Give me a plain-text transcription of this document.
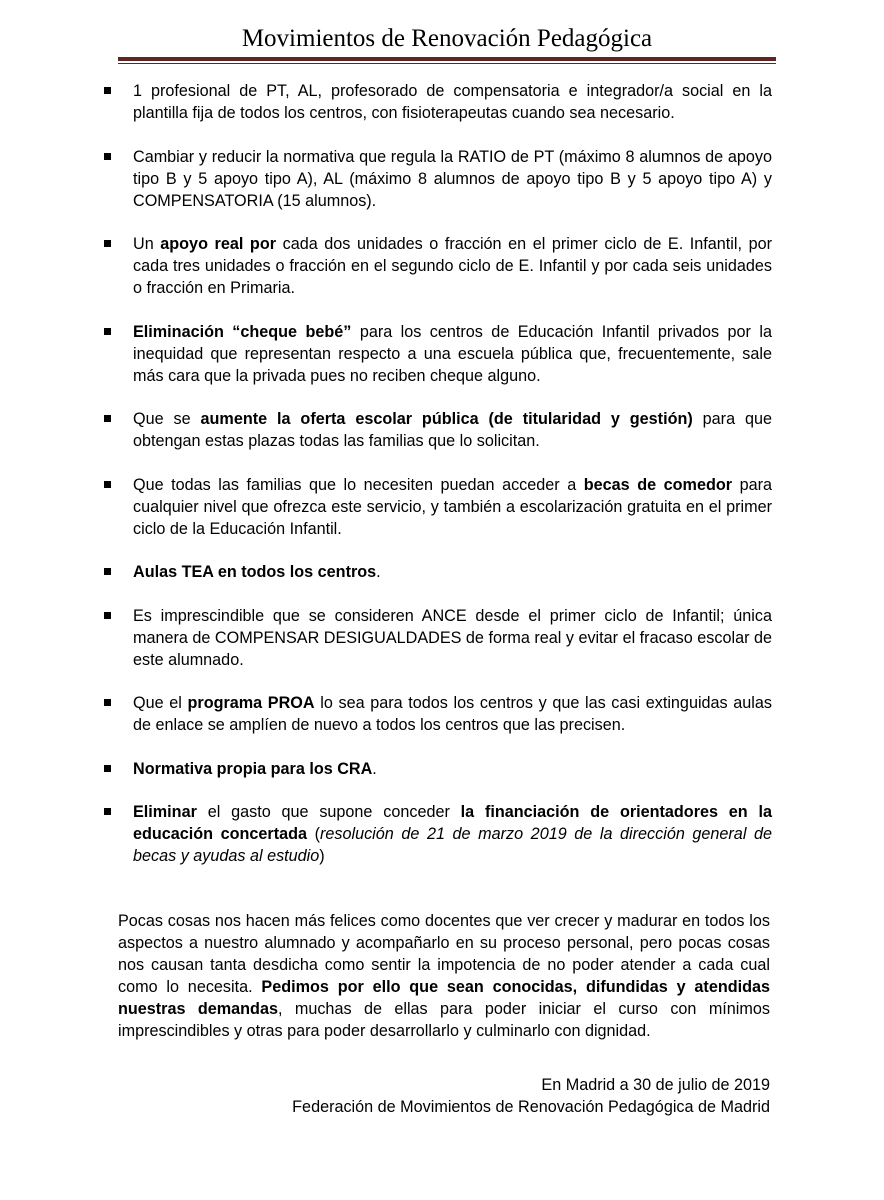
Movimientos de Renovación Pedagógica
1 profesional de PT, AL, profesorado de compensatoria e integrador/a social en la plantilla fija de todos los centros, con fisioterapeutas cuando sea necesario.
Cambiar y reducir la normativa que regula la RATIO de PT (máximo 8 alumnos de apoyo tipo B y 5 apoyo tipo A), AL (máximo 8 alumnos de apoyo tipo B y 5 apoyo tipo A) y COMPENSATORIA (15 alumnos).
Un apoyo real por cada dos unidades o fracción en el primer ciclo de E. Infantil, por cada tres unidades o fracción en el segundo ciclo de E. Infantil y por cada seis unidades o fracción en Primaria.
Eliminación “cheque bebé” para los centros de Educación Infantil privados por la inequidad que representan respecto a una escuela pública que, frecuentemente, sale más cara que la privada pues no reciben cheque alguno.
Que se aumente la oferta escolar pública (de titularidad y gestión) para que obtengan estas plazas todas las familias que lo solicitan.
Que todas las familias que lo necesiten puedan acceder a becas de comedor para cualquier nivel que ofrezca este servicio, y también a escolarización gratuita en el primer ciclo de la Educación Infantil.
Aulas TEA en todos los centros.
Es imprescindible que se consideren ANCE desde el primer ciclo de Infantil; única manera de COMPENSAR DESIGUALDADES de forma real y evitar el fracaso escolar de este alumnado.
Que el programa PROA lo sea para todos los centros y que las casi extinguidas aulas de enlace se amplíen de nuevo a todos los centros que las precisen.
Normativa propia para los CRA.
Eliminar el gasto que supone conceder la financiación de orientadores en la educación concertada (resolución de 21 de marzo 2019 de la dirección general de becas y ayudas al estudio)

Pocas cosas nos hacen más felices como docentes que ver crecer y madurar en todos los aspectos a nuestro alumnado y acompañarlo en su proceso personal, pero pocas cosas nos causan tanta desdicha como sentir la impotencia de no poder atender a cada cual como lo necesita. Pedimos por ello que sean conocidas, difundidas y atendidas nuestras demandas, muchas de ellas para poder iniciar el curso con mínimos imprescindibles y otras para poder desarrollarlo y culminarlo con dignidad.

En Madrid a 30 de julio de 2019
Federación de Movimientos de Renovación Pedagógica de Madrid
